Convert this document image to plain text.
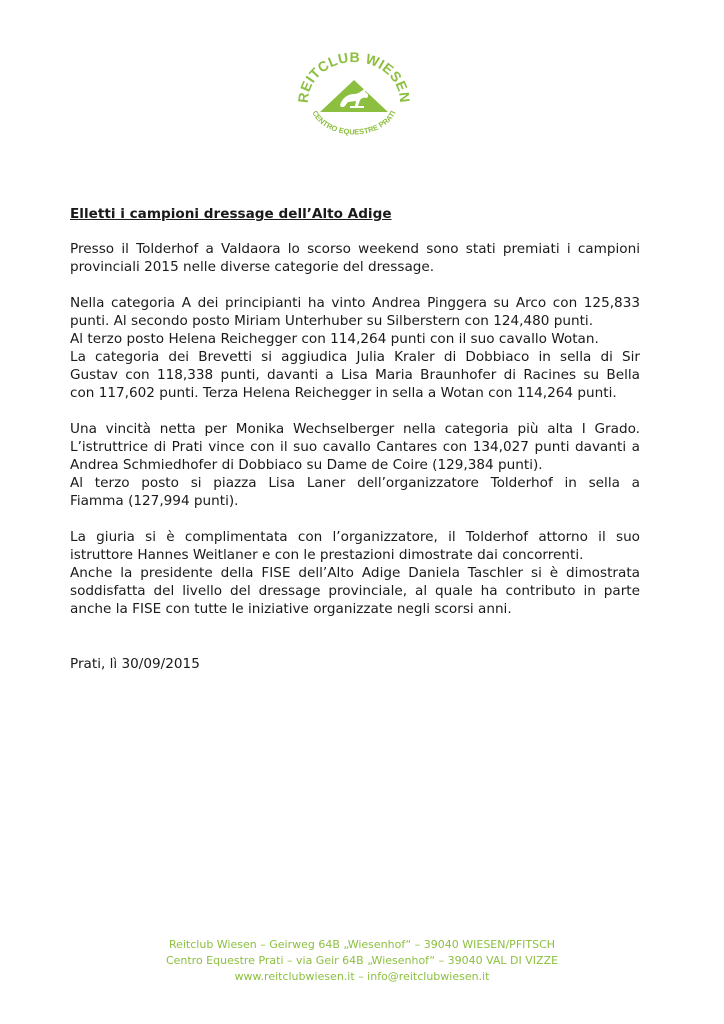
REITCLUB WIESEN
CENTRO EQUESTRE PRATI
Elletti i campioni dressage dell’Alto Adige
Presso il Tolderhof a Valdaora lo scorso weekend sono stati premiati i campioni
provinciali 2015 nelle diverse categorie del dressage.
Nella categoria A dei principianti ha vinto Andrea Pinggera su Arco con 125,833
punti. Al secondo posto Miriam Unterhuber su Silberstern con 124,480 punti.
Al terzo posto Helena Reichegger con 114,264 punti con il suo cavallo Wotan.
La categoria dei Brevetti si aggiudica Julia Kraler di Dobbiaco in sella di Sir
Gustav con 118,338 punti, davanti a Lisa Maria Braunhofer di Racines su Bella
con 117,602 punti. Terza Helena Reichegger in sella a Wotan con 114,264 punti.
Una vincità netta per Monika Wechselberger nella categoria più alta I Grado.
L’istruttrice di Prati vince con il suo cavallo Cantares con 134,027 punti davanti a
Andrea Schmiedhofer di Dobbiaco su Dame de Coire (129,384 punti).
Al terzo posto si piazza Lisa Laner dell’organizzatore Tolderhof in sella a
Fiamma (127,994 punti).
La giuria si è complimentata con l’organizzatore, il Tolderhof attorno il suo
istruttore Hannes Weitlaner e con le prestazioni dimostrate dai concorrenti.
Anche la presidente della FISE dell’Alto Adige Daniela Taschler si è dimostrata
soddisfatta del livello del dressage provinciale, al quale ha contributo in parte
anche la FISE con tutte le iniziative organizzate negli scorsi anni.
Prati, lì 30/09/2015
Reitclub Wiesen – Geirweg 64B „Wiesenhof“ – 39040 WIESEN/PFITSCH
Centro Equestre Prati – via Geir 64B „Wiesenhof“ – 39040 VAL DI VIZZE
www.reitclubwiesen.it – info@reitclubwiesen.it
